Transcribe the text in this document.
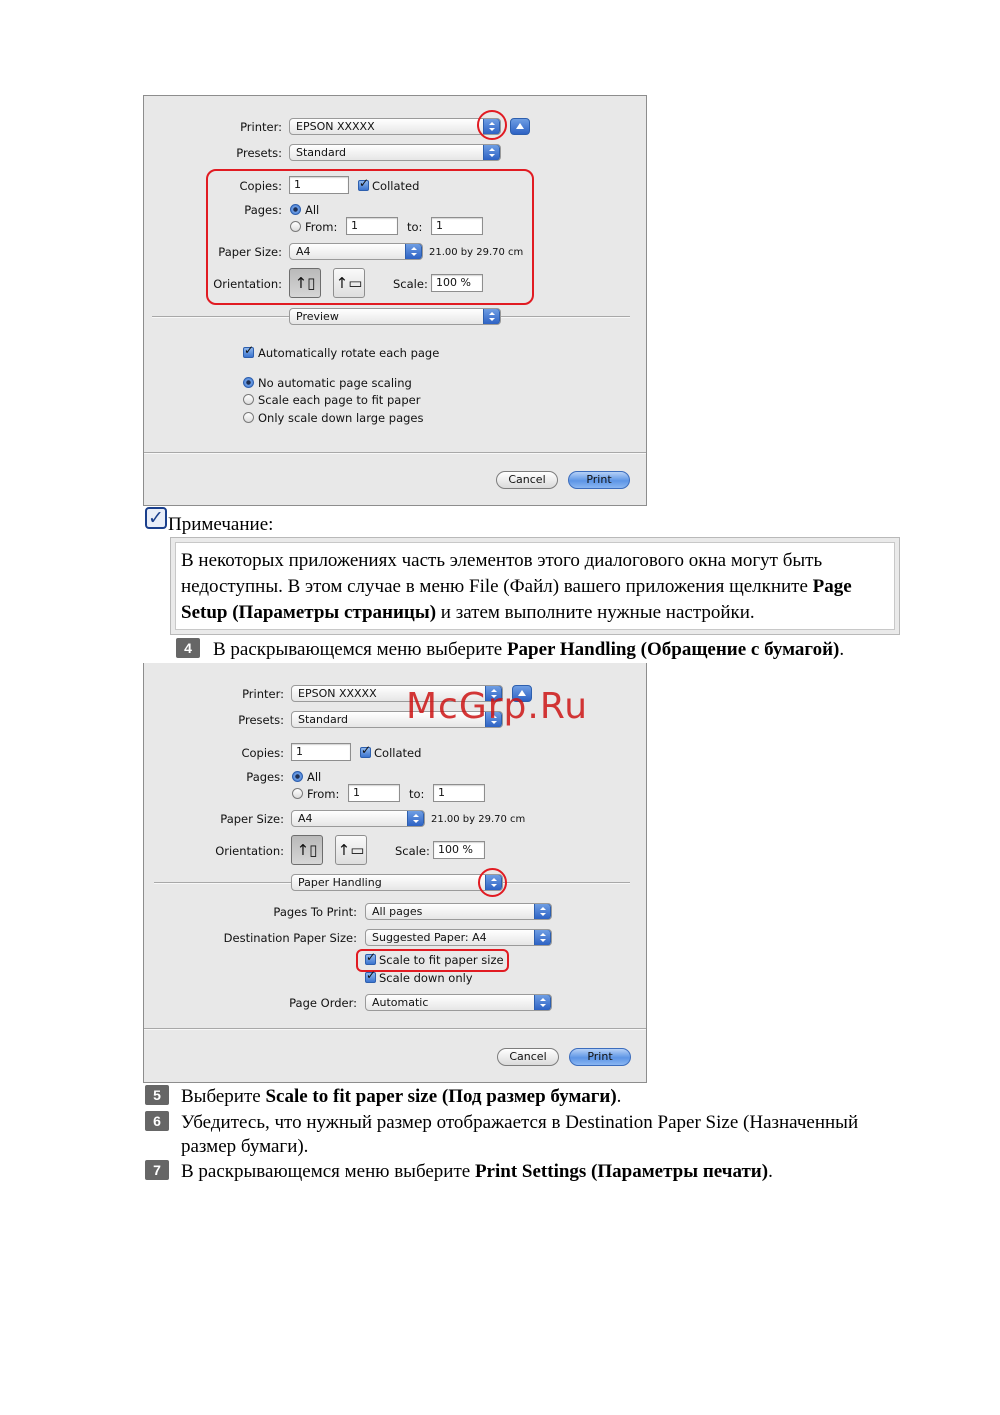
Printer:	EPSON XXXXX
Presets:	Standard
Copies:	1 ✓	Collated
Pages: All
From:	1	to:	1
Paper Size:	A4	21.00 by 29.70 cm
Orientation: ↑▯	↑▭	Scale: 100 %
Preview
✓
Automatically rotate each page
No automatic page scaling
Scale each page to fit paper
Only scale down large pages
Cancel	Print
✓ Примечание:
В некоторых приложениях часть элементов этого диалогового окна могут быть
недоступны. В этом случае в меню File (Файл) вашего приложения щелкните Page
Setup (Параметры страницы) и затем выполните нужные настройки.
4	В раскрывающемся меню выберите Paper Handling (Обращение с бумагой).
Printer:	EPSON XXXXX
Presets:	Standard
Copies:	1 ✓	Collated
Pages: All
From:	1	to:	1
Paper Size:	A4	21.00 by 29.70 cm
Orientation: ↑▯	↑▭	Scale: 100 %
Paper Handling
Pages To Print:	All pages
Destination Paper Size:	Suggested Paper: A4
✓
Scale to fit paper size
✓
Scale down only
Page Order:	Automatic
Cancel	Print
McGrp.Ru
5	Выберите Scale to fit paper size (Под размер бумаги).
6	Убедитесь, что нужный размер отображается в Destination Paper Size (Назначенный
размер бумаги).
7	В раскрывающемся меню выберите Print Settings (Параметры печати).
